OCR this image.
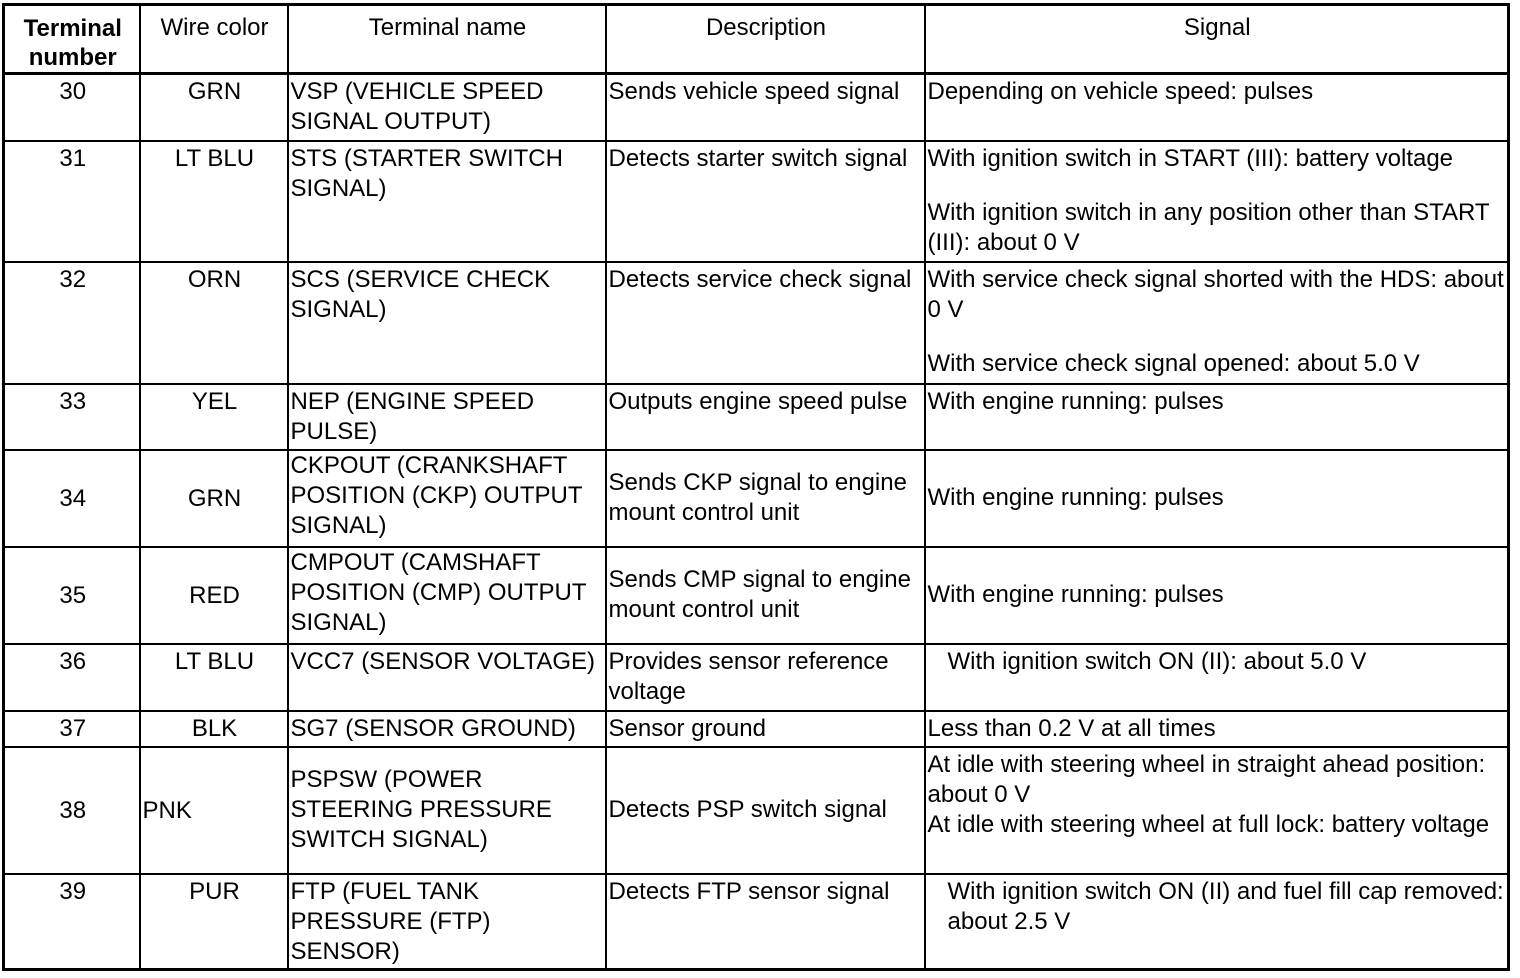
Terminal number	Wire color	Terminal name	Description	Signal
30	GRN	VSP (VEHICLE SPEED SIGNAL OUTPUT)	Sends vehicle speed signal	Depending on vehicle speed: pulses

31	LT BLU	STS (STARTER SWITCH SIGNAL)	Detects starter switch signal	With ignition switch in START (III): battery voltage
With ignition switch in any position other than START (III): about 0 V

32	ORN	SCS (SERVICE CHECK SIGNAL)	Detects service check signal	With service check signal shorted with the HDS: about 0 V
With service check signal opened: about 5.0 V

33	YEL	NEP (ENGINE SPEED PULSE)	Outputs engine speed pulse	With engine running: pulses

34	GRN	CKPOUT (CRANKSHAFT POSITION (CKP) OUTPUT SIGNAL)	Sends CKP signal to engine mount control unit	With engine running: pulses

35	RED	CMPOUT (CAMSHAFT POSITION (CMP) OUTPUT SIGNAL)	Sends CMP signal to engine mount control unit	With engine running: pulses

36	LT BLU	VCC7 (SENSOR VOLTAGE)	Provides sensor reference voltage	With ignition switch ON (II): about 5.0 V

37	BLK	SG7 (SENSOR GROUND)	Sensor ground	Less than 0.2 V at all times

38	PNK	PSPSW (POWER STEERING PRESSURE SWITCH SIGNAL)	Detects PSP switch signal	At idle with steering wheel in straight ahead position: about 0 V
At idle with steering wheel at full lock: battery voltage

39	PUR	FTP (FUEL TANK PRESSURE (FTP) SENSOR)	Detects FTP sensor signal	With ignition switch ON (II) and fuel fill cap removed: about 2.5 V
